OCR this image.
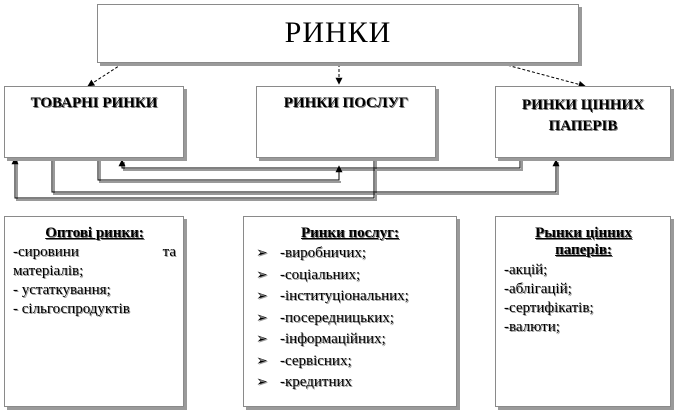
РИНКИ
ТОВАРНІ РИНКИ	РИНКИ ПОСЛУГ	РИНКИ ЦІННИХ
ПАПЕРІВ
Оптові ринки:
-сировини	та
матеріалів;
- устаткування;
- сільгоспродуктів
Ринки послуг:
➢ -виробничих;
➢ -соціальних;
➢ -інституціональних;
➢ -посередницьких;
➢ -інформаційних;
➢ -сервісних;
➢ -кредитних
Рынки цінних
паперів:
-акцій;
-аблігацій;
-сертифікатів;
-валюти;
